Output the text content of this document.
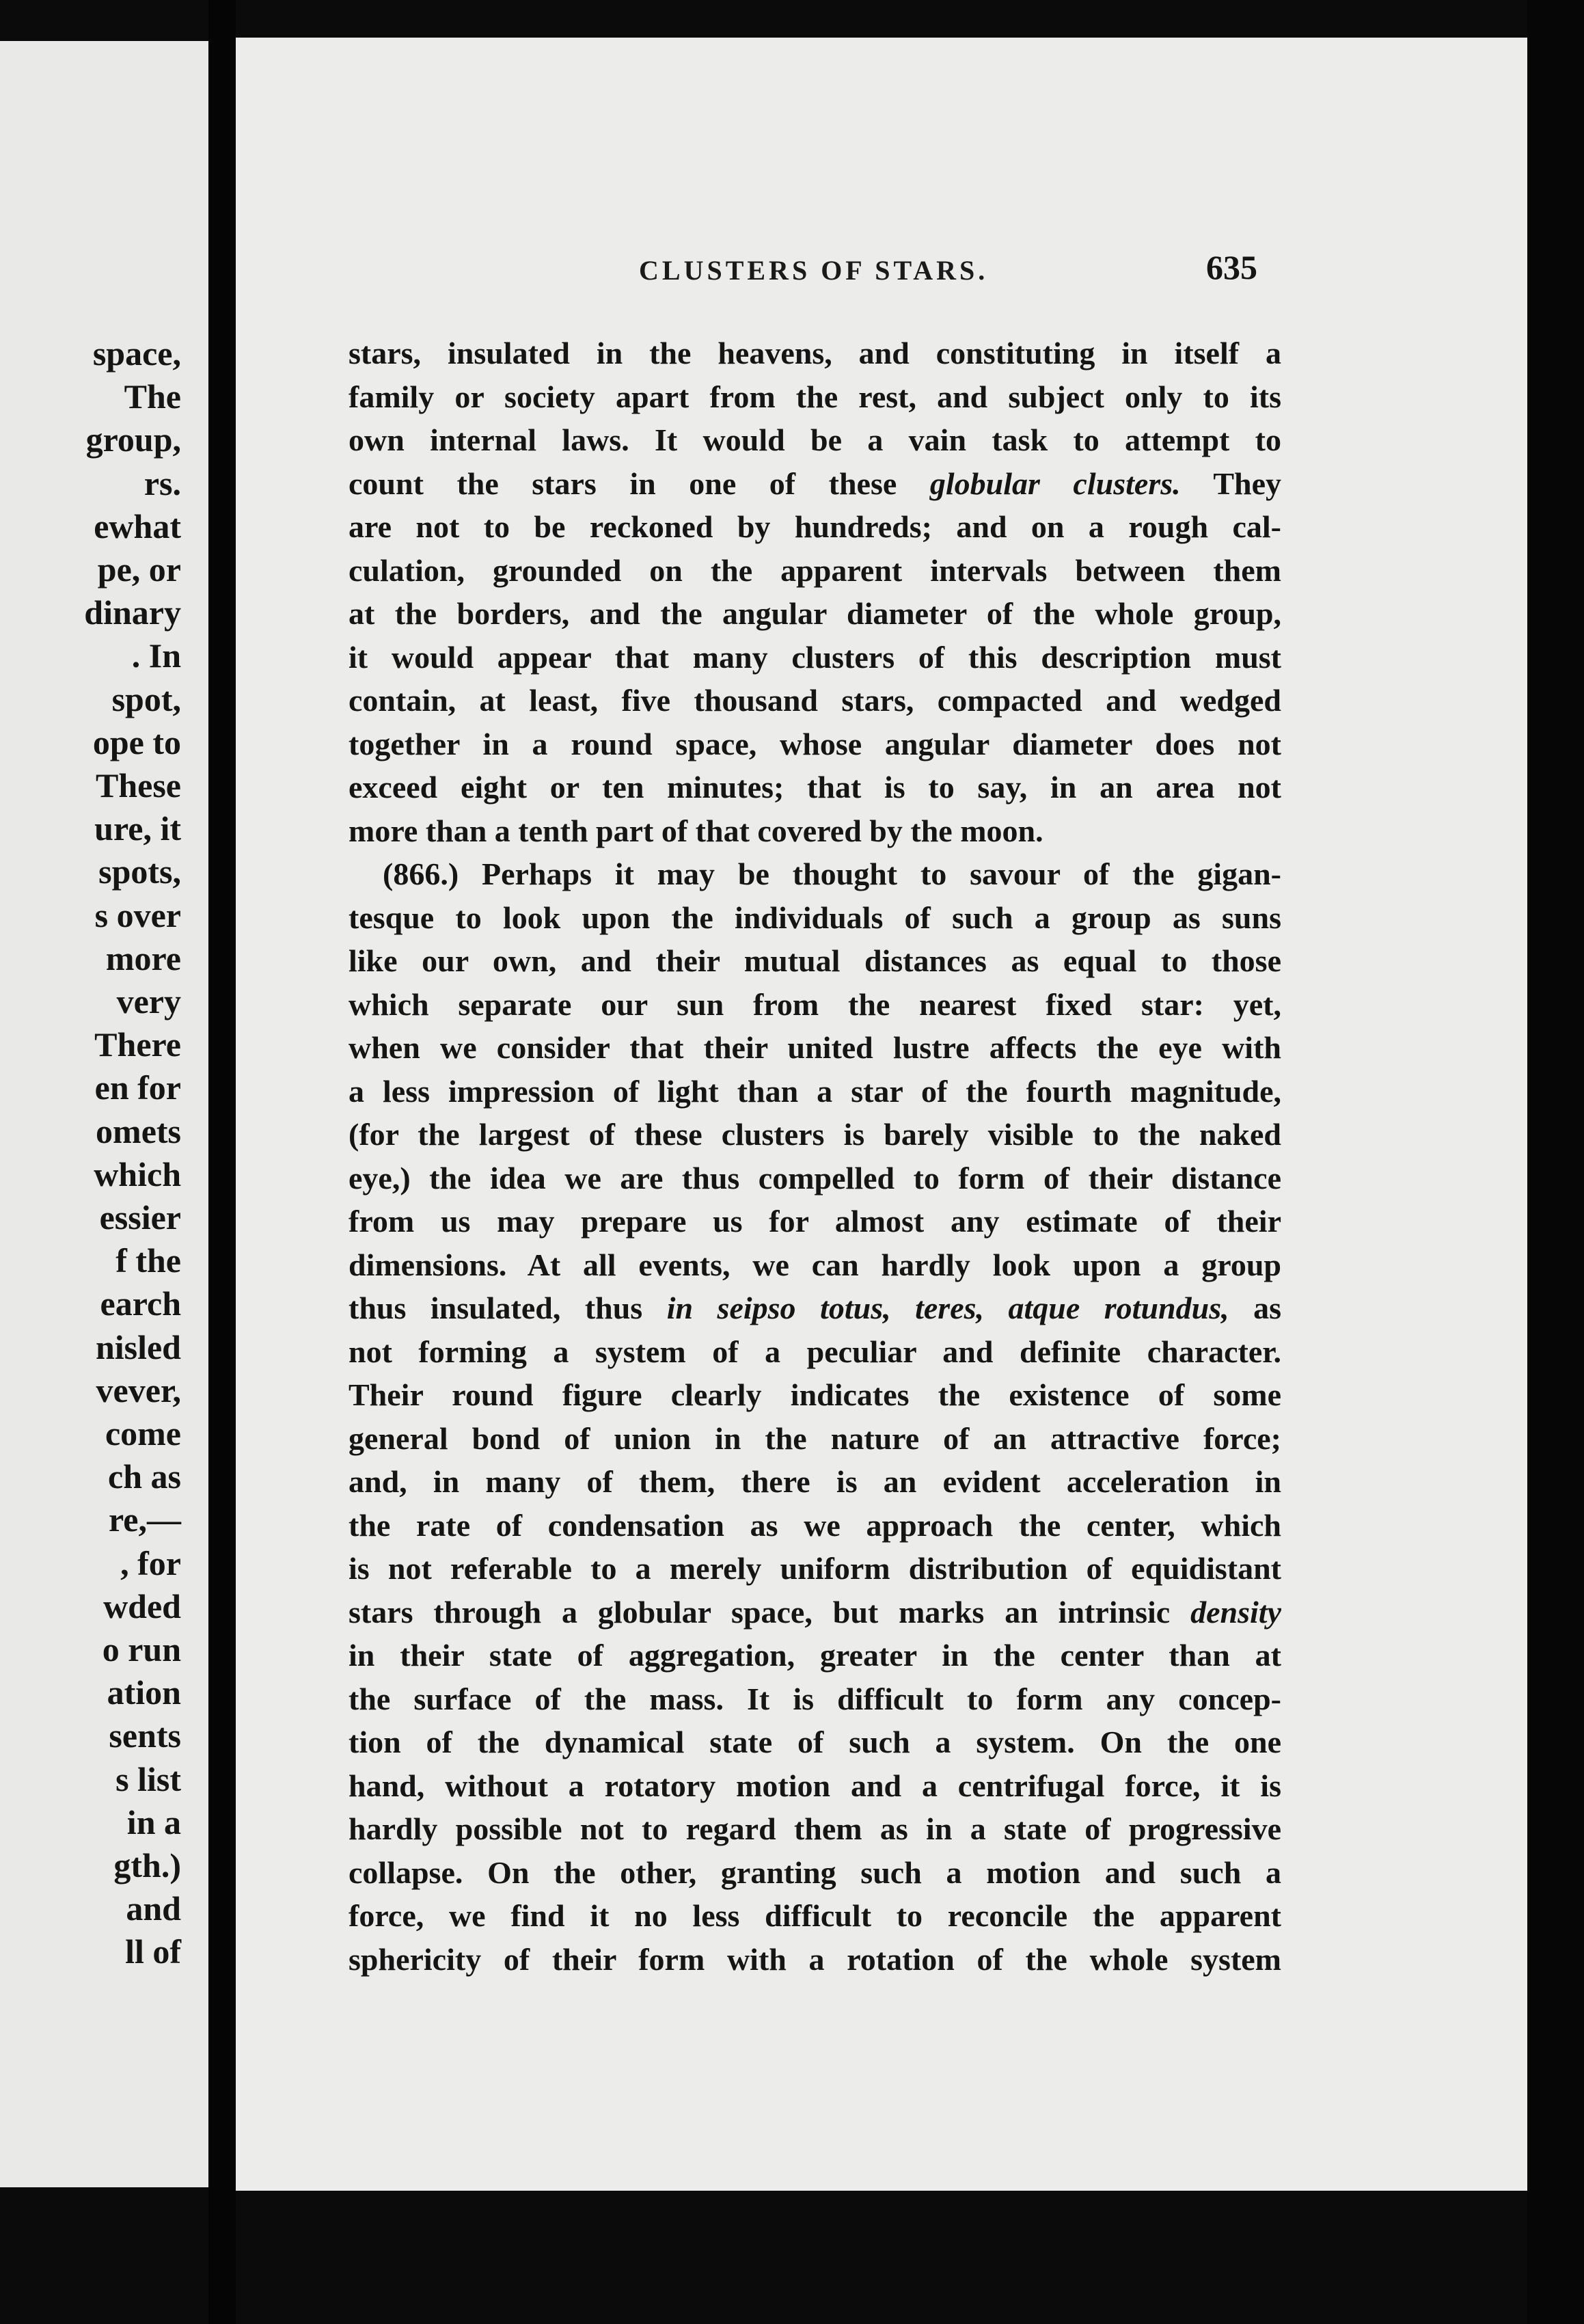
CLUSTERS OF STARS.	635
space,
The
group,
rs.
ewhat
pe, or
dinary
. In
spot,
ope to
These
ure, it
spots,
s over
more
very
There
en for
omets
which
essier
f the
earch
nisled
vever,
come
ch as
re,—
, for
wded
o run
ation
sents
s list
in a
gth.)
and
ll of
stars, insulated in the heavens, and constituting in itself a
family or society apart from the rest, and subject only to its
own internal laws. It would be a vain task to attempt to
count the stars in one of these globular clusters. They
are not to be reckoned by hundreds; and on a rough cal-
culation, grounded on the apparent intervals between them
at the borders, and the angular diameter of the whole group,
it would appear that many clusters of this description must
contain, at least, five thousand stars, compacted and wedged
together in a round space, whose angular diameter does not
exceed eight or ten minutes; that is to say, in an area not
more than a tenth part of that covered by the moon.
(866.) Perhaps it may be thought to savour of the gigan-
tesque to look upon the individuals of such a group as suns
like our own, and their mutual distances as equal to those
which separate our sun from the nearest fixed star: yet,
when we consider that their united lustre affects the eye with
a less impression of light than a star of the fourth magnitude,
(for the largest of these clusters is barely visible to the naked
eye,) the idea we are thus compelled to form of their distance
from us may prepare us for almost any estimate of their
dimensions. At all events, we can hardly look upon a group
thus insulated, thus in seipso totus, teres, atque rotundus, as
not forming a system of a peculiar and definite character.
Their round figure clearly indicates the existence of some
general bond of union in the nature of an attractive force;
and, in many of them, there is an evident acceleration in
the rate of condensation as we approach the center, which
is not referable to a merely uniform distribution of equidistant
stars through a globular space, but marks an intrinsic density
in their state of aggregation, greater in the center than at
the surface of the mass. It is difficult to form any concep-
tion of the dynamical state of such a system. On the one
hand, without a rotatory motion and a centrifugal force, it is
hardly possible not to regard them as in a state of progressive
collapse. On the other, granting such a motion and such a
force, we find it no less difficult to reconcile the apparent
sphericity of their form with a rotation of the whole system
